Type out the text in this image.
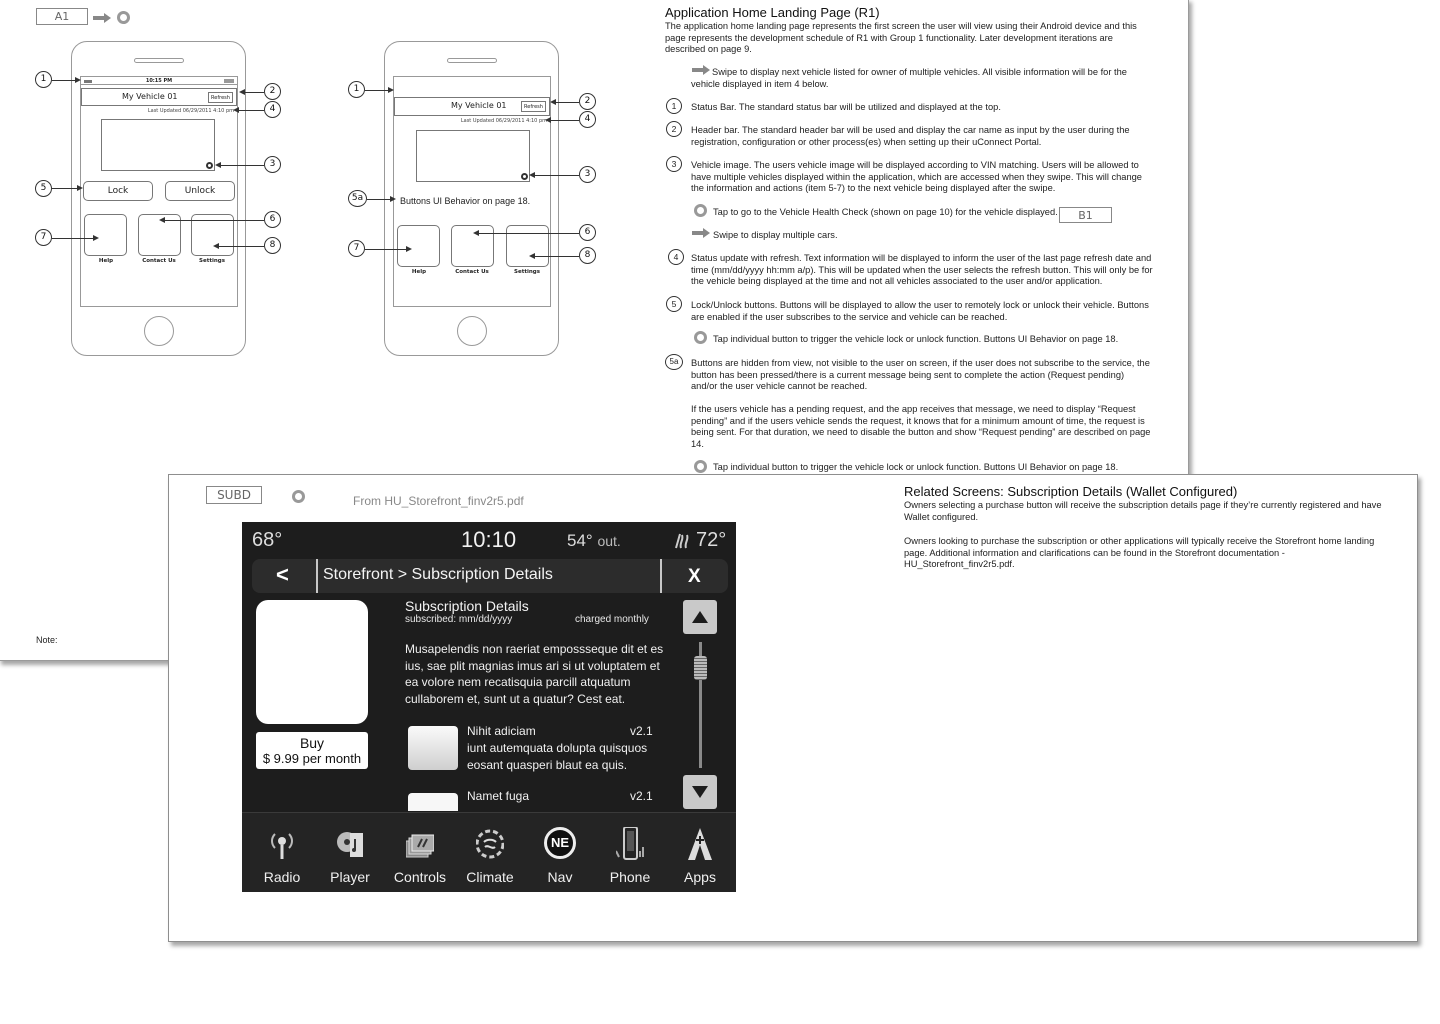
A1
Note:
10:15 PM
My Vehicle 01	Refresh
Last Updated 06/29/2011 4:10 pm
Lock	Unlock
Help	Contact Us	Settings
1
2
4
3
5
6
7
8
My Vehicle 01	Refresh
Last Updated 06/29/2011 4:10 pm
Buttons UI Behavior on page 18.
Help	Contact Us	Settings
1
2
4
3
5a
6
7
8
Application Home Landing Page (R1)
The application home landing page represents the first screen the user will view using their Android device and this page represents the development schedule of R1 with Group 1 functionality. Later development iterations are described on page 9.
Swipe to display next vehicle listed for owner of multiple vehicles. All visible information will be for the vehicle displayed in item 4 below.
1	Status Bar. The standard status bar will be utilized and displayed at the top.
2	Header bar. The standard header bar will be used and display the car name as input by the user during the registration, configuration or other process(es) when setting up their uConnect Portal.
3	Vehicle image. The users vehicle image will be displayed according to VIN matching. Users will be allowed to have multiple vehicles displayed within the application, which are accessed when they swipe. This will change the information and actions (item 5-7) to the next vehicle being displayed after the swipe.
Tap to go to the Vehicle Health Check (shown on page 10) for the vehicle displayed.	B1
Swipe to display multiple cars.
4	Status update with refresh. Text information will be displayed to inform the user of the last page refresh date and time (mm/dd/yyyy hh:mm a/p). This will be updated when the user selects the refresh button. This will only be for the vehicle being displayed at the time and not all vehicles associated to the user and/or application.
5	Lock/Unlock buttons. Buttons will be displayed to allow the user to remotely lock or unlock their vehicle. Buttons are enabled if the user subscribes to the service and vehicle can be reached.
Tap individual button to trigger the vehicle lock or unlock function. Buttons UI Behavior on page 18.
5a	Buttons are hidden from view, not visible to the user on screen, if the user does not subscribe to the service, the button has been pressed/there is a current message being sent to complete the action (Request pending) and/or the user vehicle cannot be reached.
If the users vehicle has a pending request, and the app receives that message, we need to display “Request pending” and if the users vehicle sends the request, it knows that for a minimum amount of time, the request is being sent. For that duration, we need to disable the button and show “Request pending” are described on page 14.
Tap individual button to trigger the vehicle lock or unlock function. Buttons UI Behavior on page 18.
SUBD	From HU_Storefront_finv2r5.pdf
Related Screens: Subscription Details (Wallet Configured)
Owners selecting a purchase button will receive the subscription details page if they’re currently registered and have Wallet configured.
Owners looking to purchase the subscription or other applications will typically receive the Storefront home landing page. Additional information and clarifications can be found in the Storefront documentation - HU_Storefront_finv2r5.pdf.
68°	10:10	54° out.	72°
< Storefront > Subscription Details	X
Buy
$ 9.99 per month
Subscription Details
subscribed: mm/dd/yyyy	charged monthly
Musapelendis non raeriat empossseque dit et es ius, sae plit magnias imus ari si ut voluptatem et ea volore nem recatisquia parcill atquatum cullaborem et, sunt ut a quatur? Cest eat.
Nihit adiciam	v2.1
iunt autemquata dolupta quisquos eosant quasperi blaut ea quis.
Namet fuga	v2.1
Radio	Player	Controls	Climate
NE
Nav	Phone	Apps
